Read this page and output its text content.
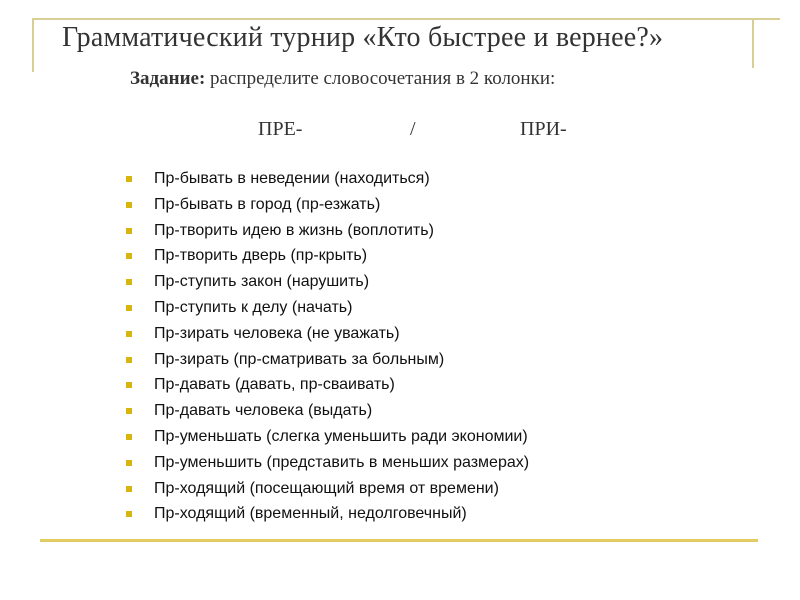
Грамматический турнир «Кто быстрее и вернее?»
Задание: распределите словосочетания в 2 колонки:
ПРЕ-	/	ПРИ-
Пр-бывать в неведении (находиться)
Пр-бывать в город (пр-езжать)
Пр-творить идею в жизнь (воплотить)
Пр-творить дверь (пр-крыть)
Пр-ступить закон (нарушить)
Пр-ступить к делу (начать)
Пр-зирать человека (не уважать)
Пр-зирать (пр-сматривать за больным)
Пр-давать (давать, пр-сваивать)
Пр-давать человека (выдать)
Пр-уменьшать (слегка уменьшить ради экономии)
Пр-уменьшить (представить в меньших размерах)
Пр-ходящий (посещающий время от времени)
Пр-ходящий (временный, недолговечный)
